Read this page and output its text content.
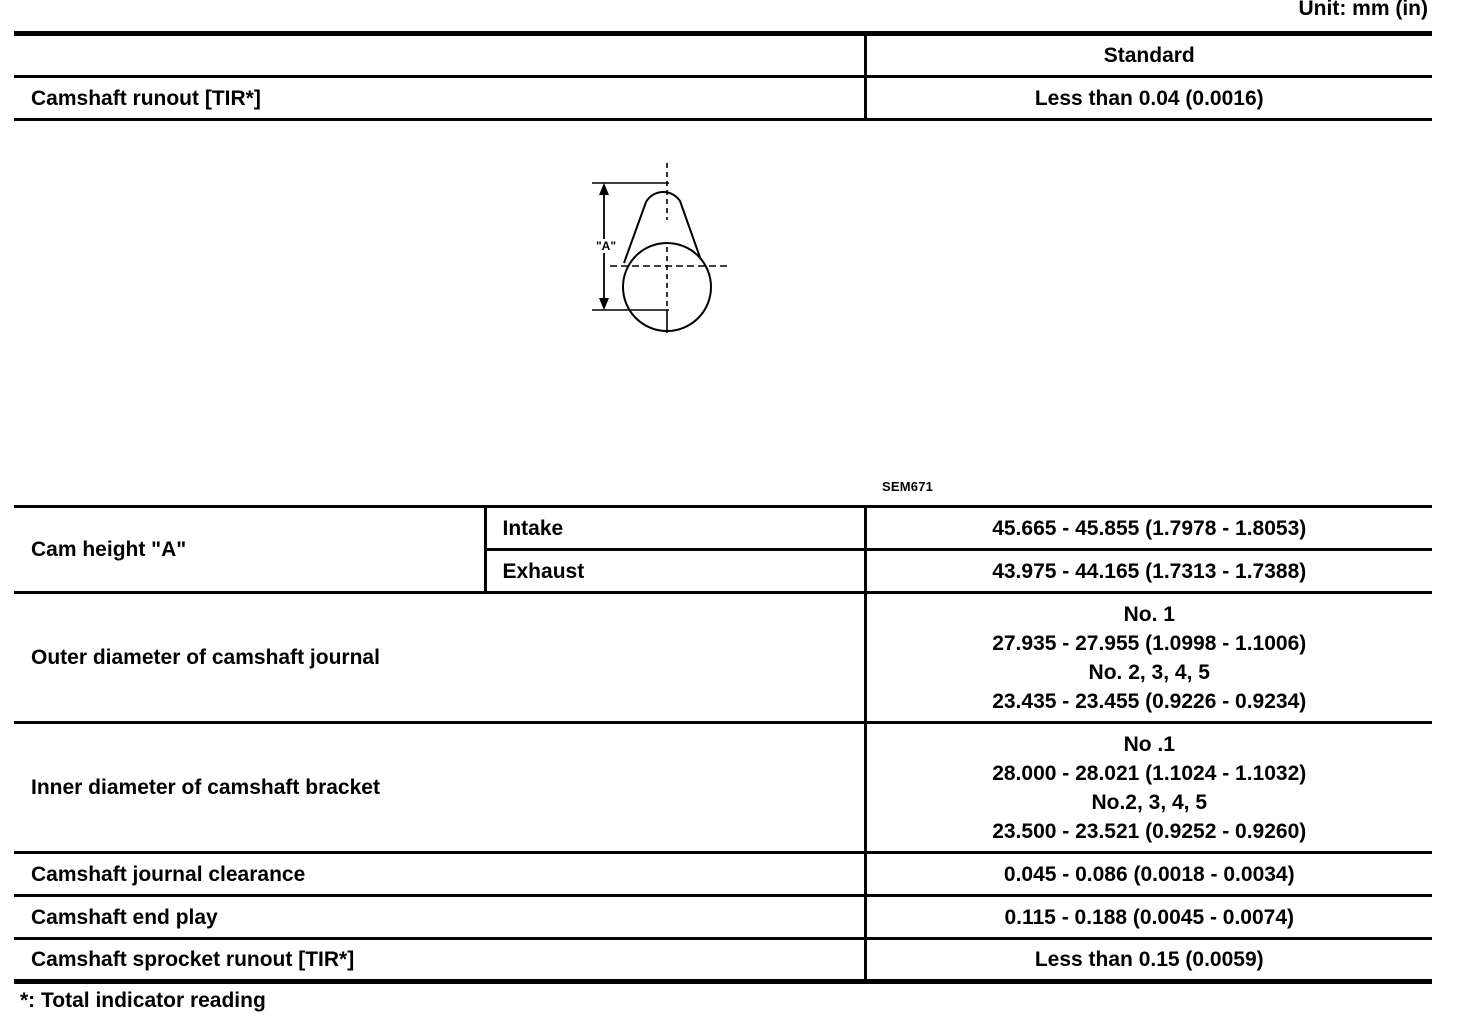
Unit: mm (in)
	Standard
Camshaft runout [TIR*]	Less than 0.04 (0.0016)
"A"
SEM671
Cam height "A"	Intake	45.665 - 45.855 (1.7978 - 1.8053)
	Exhaust	43.975 - 44.165 (1.7313 - 1.7388)
Outer diameter of camshaft journal		No. 1
27.935 - 27.955 (1.0998 - 1.1006)
No. 2, 3, 4, 5
23.435 - 23.455 (0.9226 - 0.9234)

Inner diameter of camshaft bracket		No .1
28.000 - 28.021 (1.1024 - 1.1032)
No.2, 3, 4, 5
23.500 - 23.521 (0.9252 - 0.9260)

Camshaft journal clearance		0.045 - 0.086 (0.0018 - 0.0034)
Camshaft end play		0.115 - 0.188 (0.0045 - 0.0074)
Camshaft sprocket runout [TIR*]		Less than 0.15 (0.0059)
*: Total indicator reading
